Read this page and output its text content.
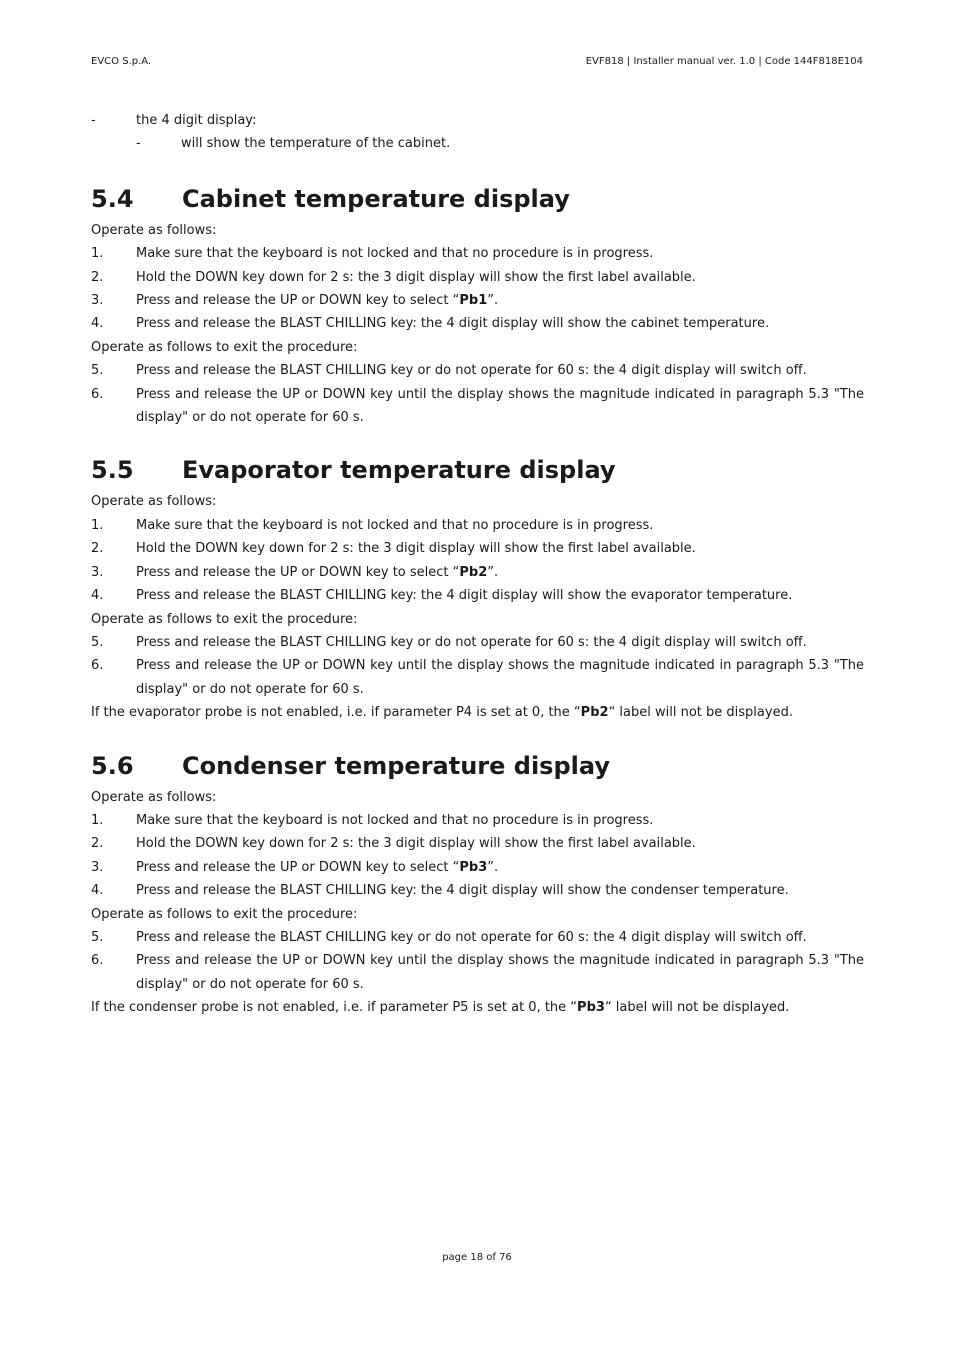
EVCO S.p.A.	EVF818 | Installer manual ver. 1.0 | Code 144F818E104
-	the 4 digit display:
-	will show the temperature of the cabinet.
5.4	Cabinet temperature display

Operate as follows:

1.	Make sure that the keyboard is not locked and that no procedure is in progress.
2.	Hold the DOWN key down for 2 s: the 3 digit display will show the first label available.
3.	Press and release the UP or DOWN key to select “Pb1”.
4.	Press and release the BLAST CHILLING key: the 4 digit display will show the cabinet temperature.

Operate as follows to exit the procedure:

5.	Press and release the BLAST CHILLING key or do not operate for 60 s: the 4 digit display will switch off.
6.	Press and release the UP or DOWN key until the display shows the magnitude indicated in paragraph 5.3 "The display" or do not operate for 60 s.
5.5	Evaporator temperature display

Operate as follows:

1.	Make sure that the keyboard is not locked and that no procedure is in progress.
2.	Hold the DOWN key down for 2 s: the 3 digit display will show the first label available.
3.	Press and release the UP or DOWN key to select “Pb2”.
4.	Press and release the BLAST CHILLING key: the 4 digit display will show the evaporator temperature.

Operate as follows to exit the procedure:

5.	Press and release the BLAST CHILLING key or do not operate for 60 s: the 4 digit display will switch off.
6.	Press and release the UP or DOWN key until the display shows the magnitude indicated in paragraph 5.3 "The display" or do not operate for 60 s.

If the evaporator probe is not enabled, i.e. if parameter P4 is set at 0, the “Pb2“ label will not be displayed.

5.6	Condenser temperature display

Operate as follows:

1.	Make sure that the keyboard is not locked and that no procedure is in progress.
2.	Hold the DOWN key down for 2 s: the 3 digit display will show the first label available.
3.	Press and release the UP or DOWN key to select “Pb3”.
4.	Press and release the BLAST CHILLING key: the 4 digit display will show the condenser temperature.

Operate as follows to exit the procedure:

5.	Press and release the BLAST CHILLING key or do not operate for 60 s: the 4 digit display will switch off.
6.	Press and release the UP or DOWN key until the display shows the magnitude indicated in paragraph 5.3 "The display" or do not operate for 60 s.

If the condenser probe is not enabled, i.e. if parameter P5 is set at 0, the “Pb3“ label will not be displayed.

page 18 of 76
